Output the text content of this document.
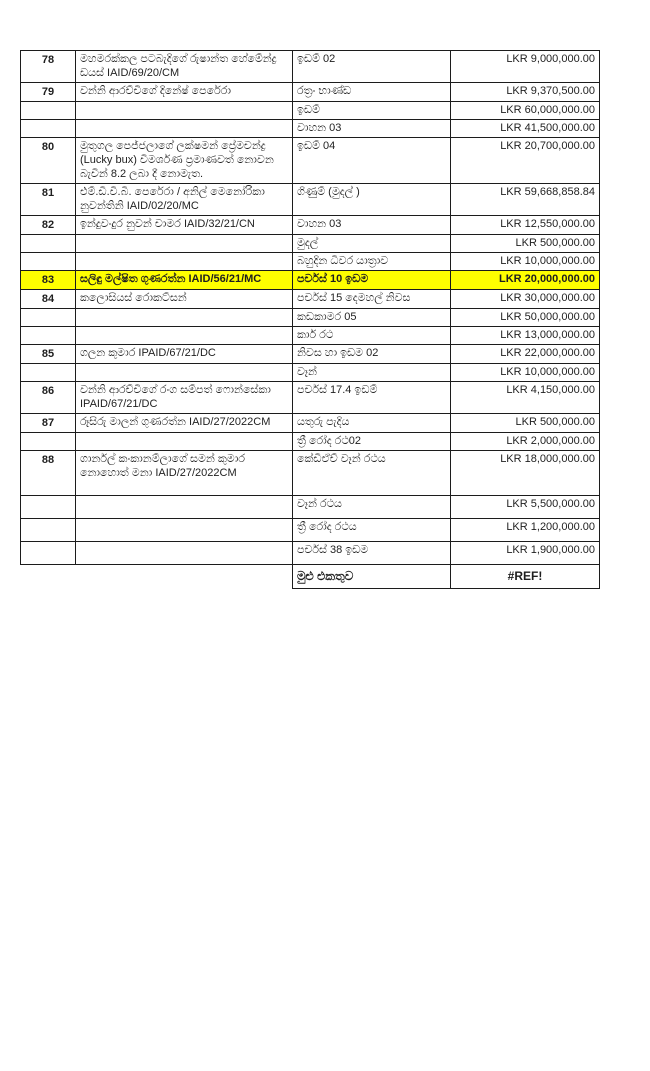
78	මහමරක්කල පටබැදිගේ රුෂාන්ත හේමේන්ද්‍ර ඩයස් IAID/69/20/CM	ඉඩම් 02	LKR 9,000,000.00
79	වන්නි ආරච්චිගේ දිනේෂ් පෙරේරා	රත්‍රං භාණ්ඩ	LKR 9,370,500.00
		ඉඩම්	LKR 60,000,000.00
		වාහන 03	LKR 41,500,000.00
80	මුතුගල පෙජ්ජලාගේ ලක්ෂමන් ප්‍රේමචන්ද්‍ර (Lucky bux) විමර්ශණ ප්‍රමාණවත් නොවන බැවින් 8.2 ලබා දී නොමැත.	ඉඩම් 04	LKR 20,700,000.00
81	එම්.ඩී.වී.බී. පෙරේරා / අනිල් මෙනෝරිකා නුවන්තිනි IAID/02/20/MC	ගිණුම් (මුදල් )	LKR 59,668,858.84
82	ඉන්දුවංදුර නුවන් චාමර IAID/32/21/CN	වාහන 03	LKR 12,550,000.00
		මුදල්	LKR 500,000.00
		බහුදින ධීවර යාත්‍රාව	LKR 10,000,000.00
83	සලිඳු මල්ෂිත ගුණරත්න IAID/56/21/MC	පර්චස් 10 ඉඩම	LKR 20,000,000.00
84	කලොසියස් රොකට්සන්	පර්චස් 15 දෙමහල් නිවස	LKR 30,000,000.00
		කඩකාමර 05	LKR 50,000,000.00
		කාර් රථ	LKR 13,000,000.00
85	ගලන කුමාර IPAID/67/21/DC	නිවස හා ඉඩම 02	LKR 22,000,000.00
		වෑන්	LKR 10,000,000.00
86	වන්නි ආරච්චිගේ රංග සම්පත් ෆොන්සේකා IPAID/67/21/DC	පර්චස් 17.4 ඉඩම්	LKR 4,150,000.00
87	රූසිරු මාලන් ගුණරත්න IAID/27/2022CM	යතුරු පැදිය	LKR 500,000.00
		ත්‍රී රෝද රථ02	LKR 2,000,000.00
88	ගාර්නල් කංකානම්ලාගේ සමන් කුමාර නොහොත් මනා IAID/27/2022CM	කේඩීඒච් වෑන් රථය	LKR 18,000,000.00
		වෑන් රථය	LKR 5,500,000.00
		ත්‍රී රෝද රථය	LKR 1,200,000.00
		පර්චස් 38 ඉඩම	LKR 1,900,000.00
		මුළු එකතුව	#REF!
